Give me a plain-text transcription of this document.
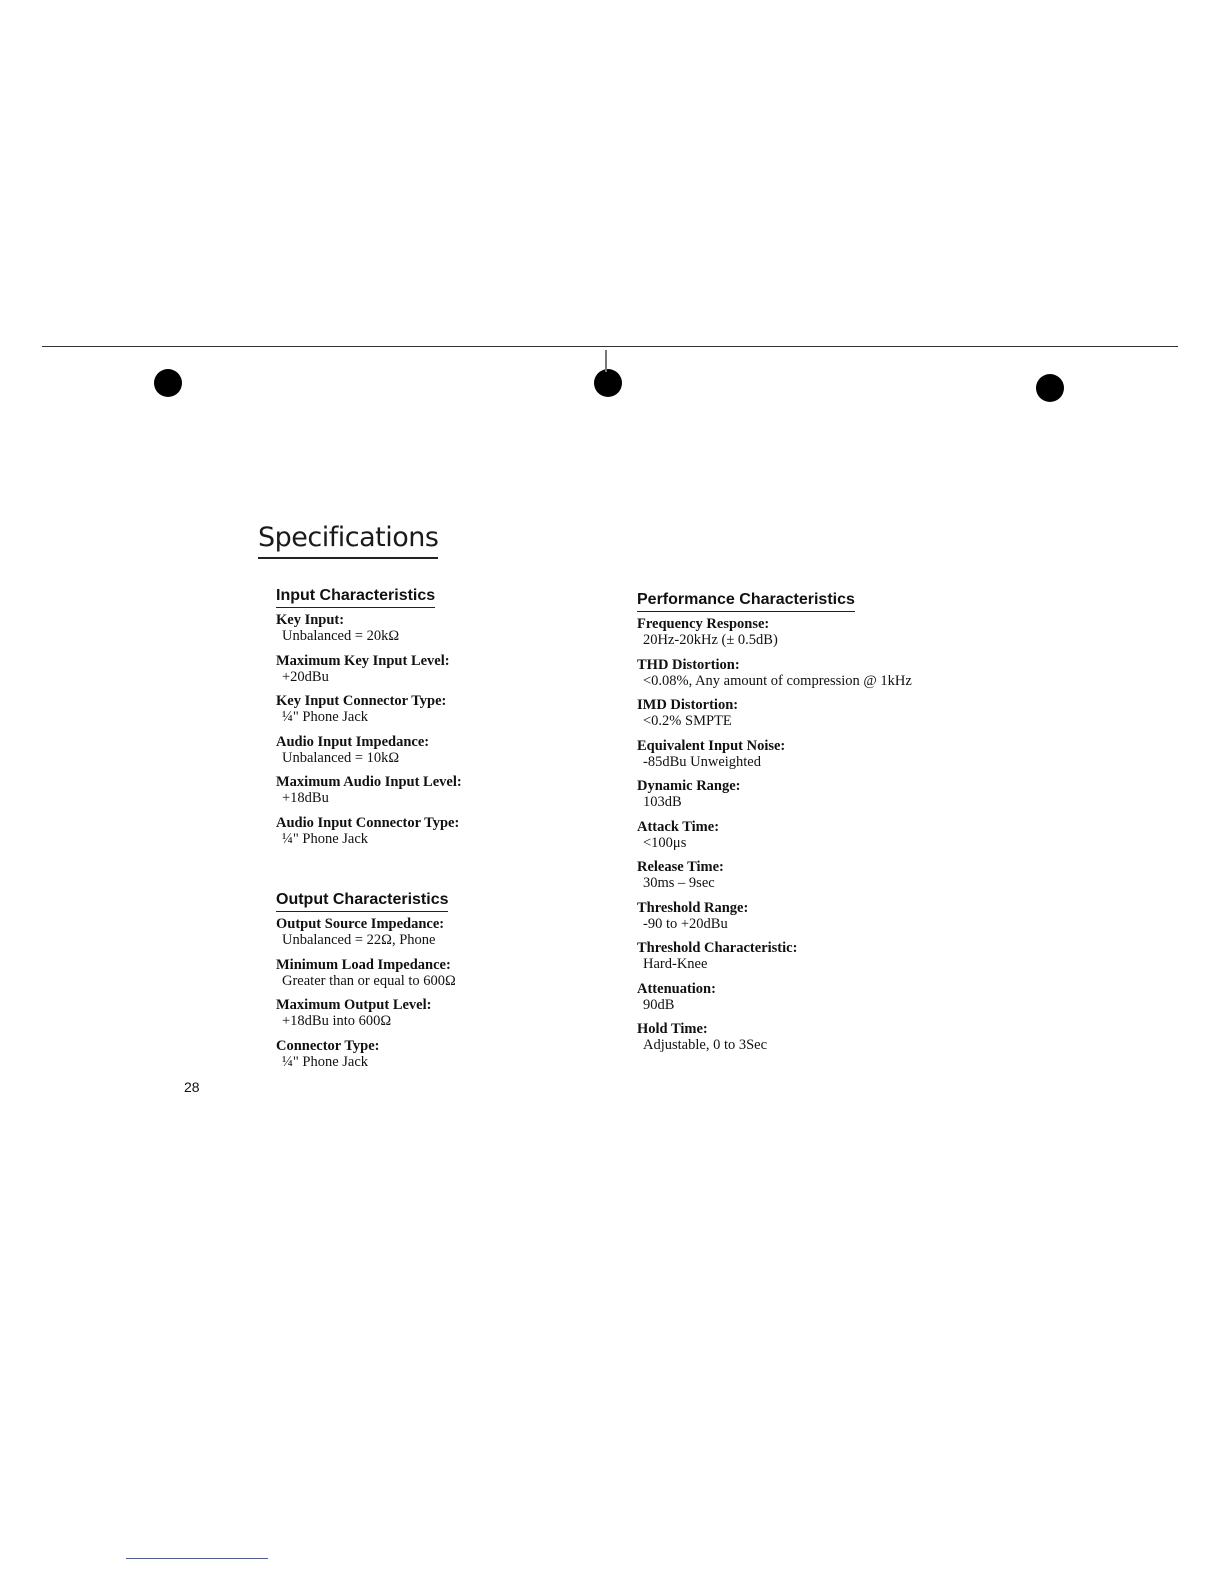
Specifications
Input Characteristics
Key Input:
Unbalanced = 20kΩ
Maximum Key Input Level:
+20dBu
Key Input Connector Type:
¼" Phone Jack
Audio Input Impedance:
Unbalanced = 10kΩ
Maximum Audio Input Level:
+18dBu
Audio Input Connector Type:
¼" Phone Jack
Output Characteristics
Output Source Impedance:
Unbalanced = 22Ω, Phone
Minimum Load Impedance:
Greater than or equal to 600Ω
Maximum Output Level:
+18dBu into 600Ω
Connector Type:
¼" Phone Jack
Performance Characteristics
Frequency Response:
20Hz-20kHz (± 0.5dB)
THD Distortion:
<0.08%, Any amount of compression @ 1kHz
IMD Distortion:
<0.2% SMPTE
Equivalent Input Noise:
-85dBu Unweighted
Dynamic Range:
103dB
Attack Time:
<100μs
Release Time:
30ms – 9sec
Threshold Range:
-90 to +20dBu
Threshold Characteristic:
Hard-Knee
Attenuation:
90dB
Hold Time:
Adjustable, 0 to 3Sec
28
